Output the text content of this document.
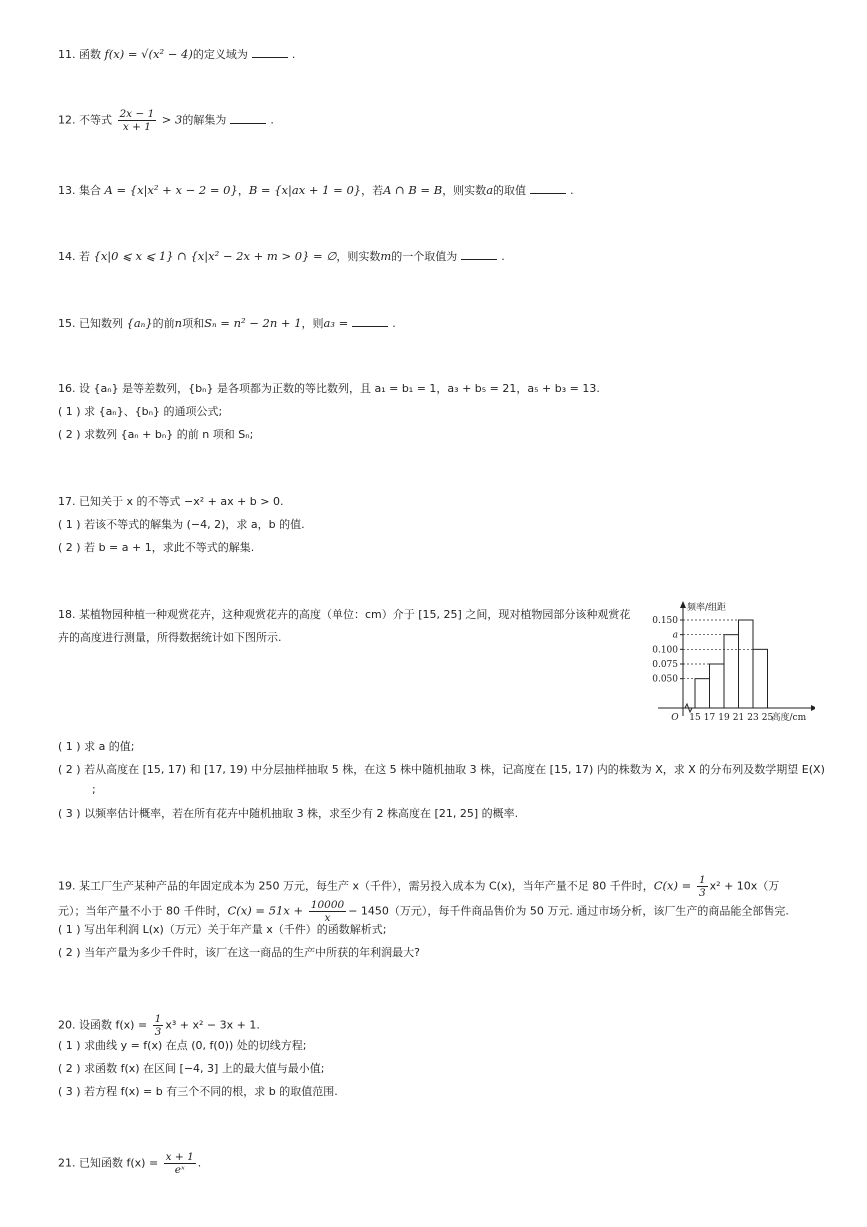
11. 函数 f(x) = √(x² − 4)的定义域为	.
12. 不等式 $\frac{2x - 1}{x + 1} > 3$的解集为	.
13. 集合 A = {x|x² + x − 2 = 0}，B = {x|ax + 1 = 0}，若A ∩ B = B，则实数a的取值	.
14. 若 {x|0 ⩽ x ⩽ 1} ∩ {x|x² − 2x + m > 0} = ∅，则实数m的一个取值为	.
15. 已知数列 {aₙ}的前n项和Sₙ = n² − 2n + 1，则a₃ =	.
16. 设 {aₙ} 是等差数列，{bₙ} 是各项都为正数的等比数列，且 a₁ = b₁ = 1，a₃ + b₅ = 21，a₅ + b₃ = 13.
( 1 ) 求 {aₙ}、{bₙ} 的通项公式;
( 2 ) 求数列 {aₙ + bₙ} 的前 n 项和 Sₙ;
17. 已知关于 x 的不等式 −x² + ax + b > 0.
( 1 ) 若该不等式的解集为 (−4, 2)，求 a，b 的值.
( 2 ) 若 b = a + 1，求此不等式的解集.
18. 某植物园种植一种观赏花卉，这种观赏花卉的高度（单位：cm）介于 [15, 25] 之间，现对植物园部分该种观赏花
卉的高度进行测量，所得数据统计如下图所示.
0.050
0.075
0.100
a
0.150
15 17 19 21 23 25
高度/cm
O
频率/组距
( 1 ) 求 a 的值;
( 2 ) 若从高度在 [15, 17) 和 [17, 19) 中分层抽样抽取 5 株，在这 5 株中随机抽取 3 株，记高度在 [15, 17) 内的株数为 X，求 X 的分布列及数学期望 E(X)
;
( 3 ) 以频率估计概率，若在所有花卉中随机抽取 3 株，求至少有 2 株高度在 [21, 25] 的概率.
19. 某工厂生产某种产品的年固定成本为 250 万元，每生产 x（千件），需另投入成本为 C(x)，当年产量不足 80 千件时，$C(x) = \frac{1}{3} x^2 + 10x$（万
元）；当年产量不小于 80 千件时，$C(x) = 51x + \frac{10000}{x} - 1450$（万元），每千件商品售价为 50 万元. 通过市场分析，该厂生产的商品能全部售完.
( 1 ) 写出年利润 L(x)（万元）关于年产量 x（千件）的函数解析式;
( 2 ) 当年产量为多少千件时，该厂在这一商品的生产中所获的年利润最大?
20. 设函数 $f(x) = \frac{1}{3} x^3 + x^2 - 3x + 1$.
( 1 ) 求曲线 y = f(x) 在点 (0, f(0)) 处的切线方程;
( 2 ) 求函数 f(x) 在区间 [−4, 3] 上的最大值与最小值;
( 3 ) 若方程 f(x) = b 有三个不同的根，求 b 的取值范围.
21. 已知函数 $f(x) = \frac{x + 1}{\text{eˣ}}$ .
